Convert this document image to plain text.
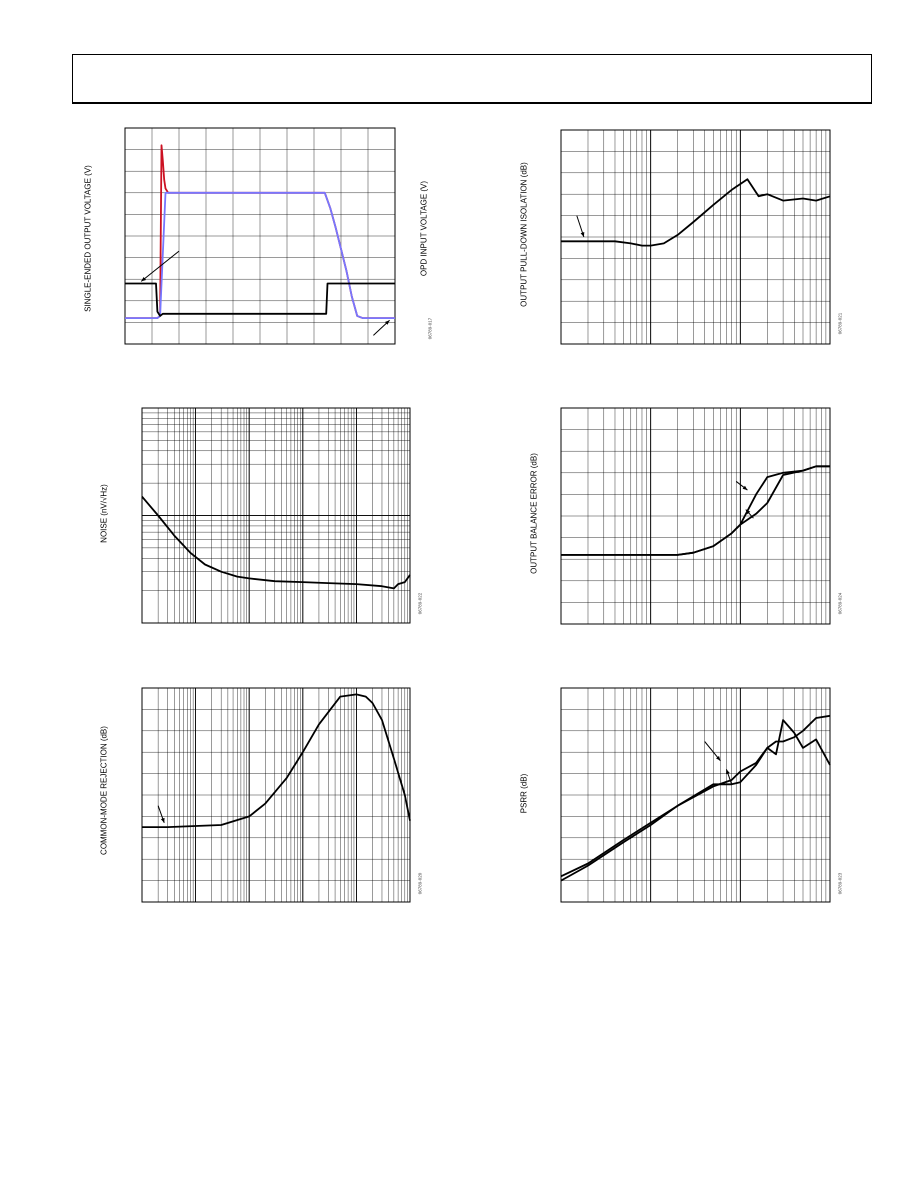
SINGLE-ENDED OUTPUT VOLTAGE (V)	OPD INPUT VOLTAGE (V)
06789-017
OUTPUT PULL-DOWN ISOLATION (dB)
06789-021
NOISE (nV/√Hz)
06789-022
OUTPUT BALANCE ERROR (dB)
06789-024
COMMON-MODE REJECTION (dB)
06789-020
PSRR (dB)
06789-023
